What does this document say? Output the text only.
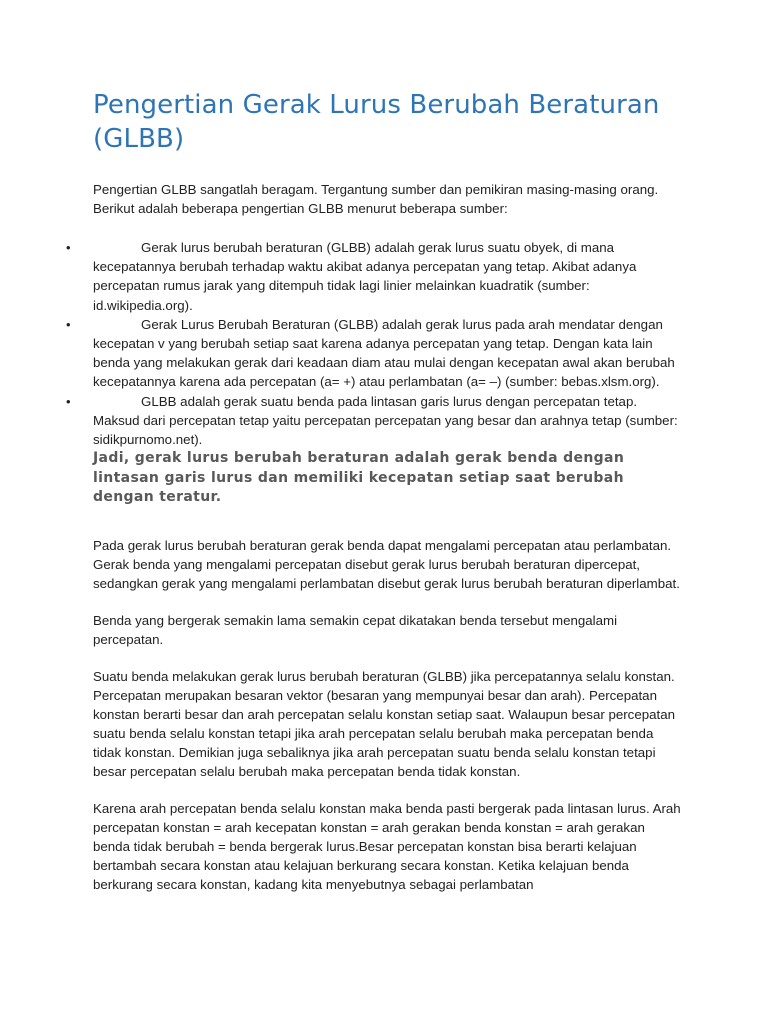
Pengertian Gerak Lurus Berubah Beraturan (GLBB)

Pengertian GLBB sangatlah beragam. Tergantung sumber dan pemikiran masing-masing orang. Berikut adalah beberapa pengertian GLBB menurut beberapa sumber:

•	Gerak lurus berubah beraturan (GLBB) adalah gerak lurus suatu obyek, di mana kecepatannya berubah terhadap waktu akibat adanya percepatan yang tetap. Akibat adanya percepatan rumus jarak yang ditempuh tidak lagi linier melainkan kuadratik (sumber: id.wikipedia.org).
•	Gerak Lurus Berubah Beraturan (GLBB) adalah gerak lurus pada arah mendatar dengan kecepatan v yang berubah setiap saat karena adanya percepatan yang tetap. Dengan kata lain benda yang melakukan gerak dari keadaan diam atau mulai dengan kecepatan awal akan berubah kecepatannya karena ada percepatan (a= +) atau perlambatan (a= –) (sumber: bebas.xlsm.org).
•	GLBB adalah gerak suatu benda pada lintasan garis lurus dengan percepatan tetap. Maksud dari percepatan tetap yaitu percepatan percepatan yang besar dan arahnya tetap (sumber: sidikpurnomo.net).

Jadi, gerak lurus berubah beraturan adalah gerak benda dengan lintasan garis lurus dan memiliki kecepatan setiap saat berubah dengan teratur.

Pada gerak lurus berubah beraturan gerak benda dapat mengalami percepatan atau perlambatan. Gerak benda yang mengalami percepatan disebut gerak lurus berubah beraturan dipercepat, sedangkan gerak yang mengalami perlambatan disebut gerak lurus berubah beraturan diperlambat.

Benda yang bergerak semakin lama semakin cepat dikatakan benda tersebut mengalami percepatan.

Suatu benda melakukan gerak lurus berubah beraturan (GLBB) jika percepatannya selalu konstan. Percepatan merupakan besaran vektor (besaran yang mempunyai besar dan arah). Percepatan konstan berarti besar dan arah percepatan selalu konstan setiap saat. Walaupun besar percepatan suatu benda selalu konstan tetapi jika arah percepatan selalu berubah maka percepatan benda tidak konstan. Demikian juga sebaliknya jika arah percepatan suatu benda selalu konstan tetapi besar percepatan selalu berubah maka percepatan benda tidak konstan.

Karena arah percepatan benda selalu konstan maka benda pasti bergerak pada lintasan lurus. Arah percepatan konstan = arah kecepatan konstan = arah gerakan benda konstan = arah gerakan benda tidak berubah = benda bergerak lurus.Besar percepatan konstan bisa berarti kelajuan bertambah secara konstan atau kelajuan berkurang secara konstan. Ketika kelajuan benda berkurang secara konstan, kadang kita menyebutnya sebagai perlambatan
